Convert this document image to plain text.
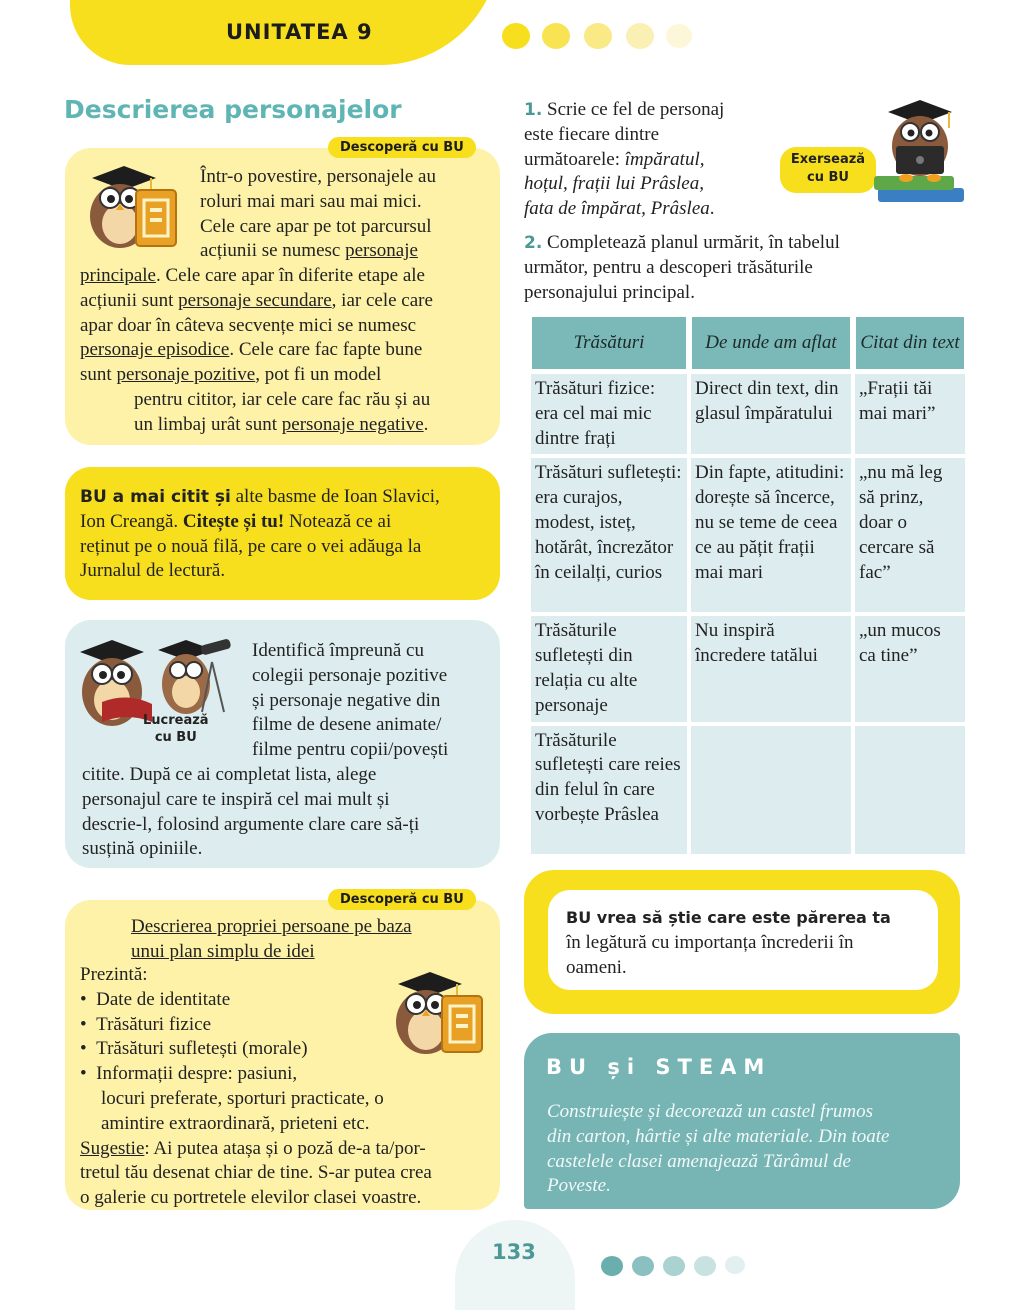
UNITATEA 9
Descrierea personajelor
Descoperă cu BU
Într-o povestire, personajele au
roluri mai mari sau mai mici.
Cele care apar pe tot parcursul
acțiunii se numesc personaje
principale. Cele care apar în diferite etape ale
acțiunii sunt personaje secundare, iar cele care
apar doar în câteva secvențe mici se numesc
personaje episodice. Cele care fac fapte bune
sunt personaje pozitive, pot fi un model
pentru cititor, iar cele care fac rău și au
un limbaj urât sunt personaje negative.
BU a mai citit și alte basme de Ioan Slavici,
Ion Creangă. Citește și tu! Notează ce ai
reținut pe o nouă filă, pe care o vei adăuga la
Jurnalul de lectură.
Lucrează
cu BU
Identifică împreună cu
colegii personaje pozitive
și personaje negative din
filme de desene animate/
filme pentru copii/povești
citite. După ce ai completat lista, alege
personajul care te inspiră cel mai mult și
descrie-l, folosind argumente clare care să-ți
susțină opiniile.
Descoperă cu BU
Descrierea propriei persoane pe baza
unui plan simplu de idei
Prezintă:
•  Date de identitate
•  Trăsături fizice
•  Trăsături sufletești (morale)
•  Informații despre: pasiuni,
locuri preferate, sporturi practicate, o
amintire extraordinară, prieteni etc.
Sugestie: Ai putea atașa și o poză de-a ta/por-
tretul tău desenat chiar de tine. S-ar putea crea
o galerie cu portretele elevilor clasei voastre.
1. Scrie ce fel de personaj
este fiecare dintre
următoarele: împăratul,
hoțul, frații lui Prâslea,
fata de împărat, Prâslea.
Exersează
cu BU
2. Completează planul urmărit, în tabelul
următor, pentru a descoperi trăsăturile
personajului principal.
Trăsături	De unde am aflat	Citat din text
Trăsături fizice: era cel mai mic dintre frați	Direct din text, din glasul împăratului	„Frații tăi mai mari”
Trăsături sufletești: era curajos, modest, isteț, hotărât, încrezător în ceilalți, curios	Din fapte, atitudini: dorește să încerce, nu se teme de ceea ce au pățit frații mai mari	„nu mă leg să prinz, doar o cercare să fac”
Trăsăturile sufletești din relația cu alte personaje	Nu inspiră încredere tatălui	„un mucos ca tine”
Trăsăturile sufletești care reies din felul în care vorbește Prâslea		
BU vrea să știe care este părerea ta
în legătură cu importanța încrederii în
oameni.
BU și STEAM
Construiește și decorează un castel frumos
din carton, hârtie și alte materiale. Din toate
castelele clasei amenajează Tărâmul de
Poveste.
133
